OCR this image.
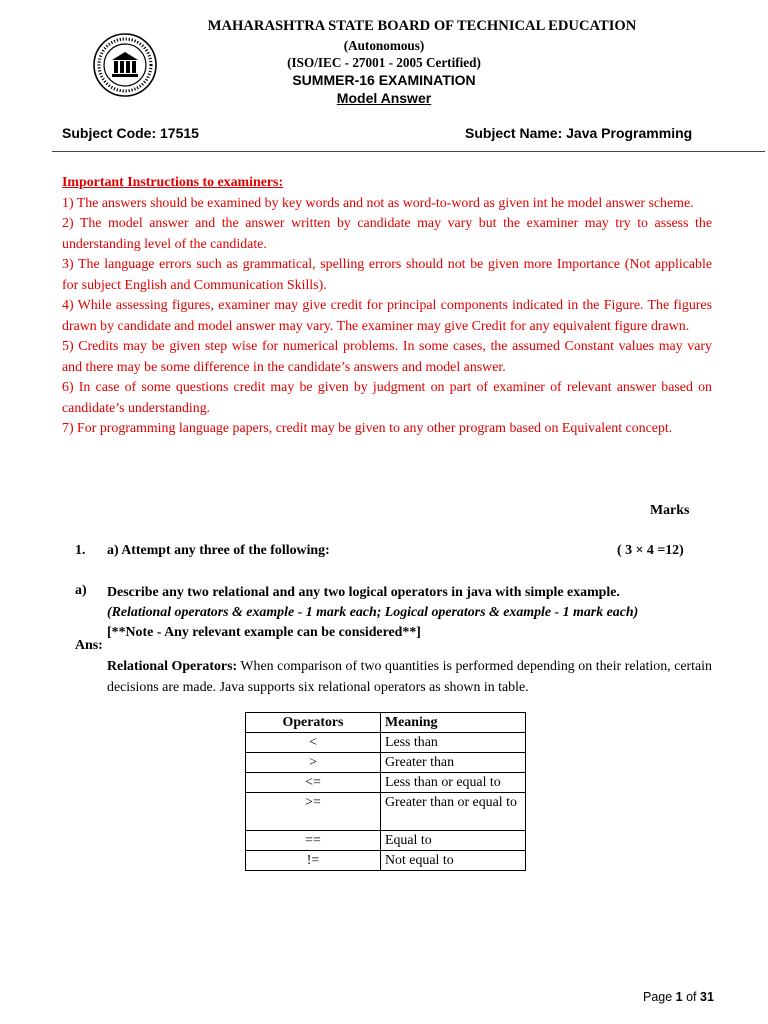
MAHARASHTRA STATE BOARD OF TECHNICAL EDUCATION
(Autonomous)
(ISO/IEC - 27001 - 2005 Certified)
SUMMER-16 EXAMINATION
Model Answer
Subject Code: 17515	Subject Name: Java Programming

Important Instructions to examiners:

1) The answers should be examined by key words and not as word-to-word as given int he model answer scheme.

2) The model answer and the answer written by candidate may vary but the examiner may try to assess the understanding level of the candidate.

3) The language errors such as grammatical, spelling errors should not be given more Importance (Not applicable for subject English and Communication Skills).

4) While assessing figures, examiner may give credit for principal components indicated in the Figure. The figures drawn by candidate and model answer may vary. The examiner may give Credit for any equivalent figure drawn.

5) Credits may be given step wise for numerical problems. In some cases, the assumed Constant values may vary and there may be some difference in the candidate’s answers and model answer.

6) In case of some questions credit may be given by judgment on part of examiner of relevant answer based on candidate’s understanding.

7) For programming language papers, credit may be given to any other program based on Equivalent concept.

Marks
1. a) Attempt any three of the following:	( 3 × 4 =12)
a) Describe any two relational and any two logical operators in java with simple example.
(Relational operators & example - 1 mark each; Logical operators & example - 1 mark each)
[**Note - Any relevant example can be considered**]
Ans:
Relational Operators: When comparison of two quantities is performed depending on their relation, certain decisions are made. Java supports six relational operators as shown in table.
Operators	Meaning
<	Less than
>	Greater than
<=	Less than or equal to
>=	Greater than or equal to
==	Equal to
!=	Not equal to
Page 1 of 31
